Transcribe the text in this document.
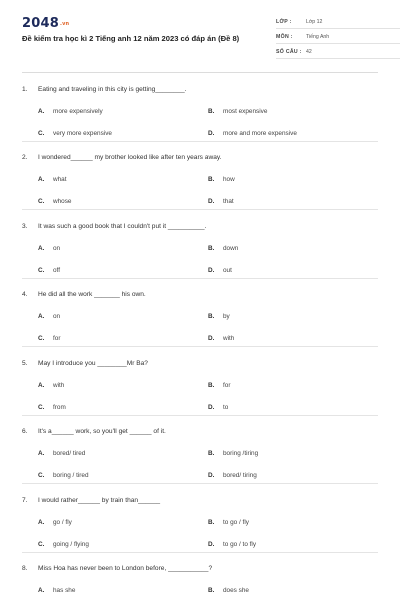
2048.vn
Đề kiểm tra học kì 2 Tiếng anh 12 năm 2023 có đáp án (Đề 8)
LỚP :	Lớp 12
MÔN :	Tiếng Anh
SỐ CÂU : 42
1.	Eating and traveling in this city is getting________.
A.	more expensively	B.	most expensive
C.	very more expensive	D.	more and more expensive
2.	I wondered______ my brother looked like after ten years away.
A.	what	B.	how
C.	whose	D.	that
3.	It was such a good book that I couldn't put it __________.
A.	on	B.	down
C.	off	D.	out
4.	He did all the work _______ his own.
A.	on	B.	by
C.	for	D.	with
5.	May I introduce you ________Mr Ba?
A.	with	B.	for
C.	from	D.	to
6.	It's a______ work, so you'll get ______ of it.
A.	bored/ tired	B.	boring /tiring
C.	boring / tired	D.	bored/ tiring
7.	I would rather______ by train than______
A.	go / fly	B.	to go / fly
C.	going / flying	D.	to go / to fly
8.	Miss Hoa has never been to London before, ___________?
A.	has she	B.	does she
